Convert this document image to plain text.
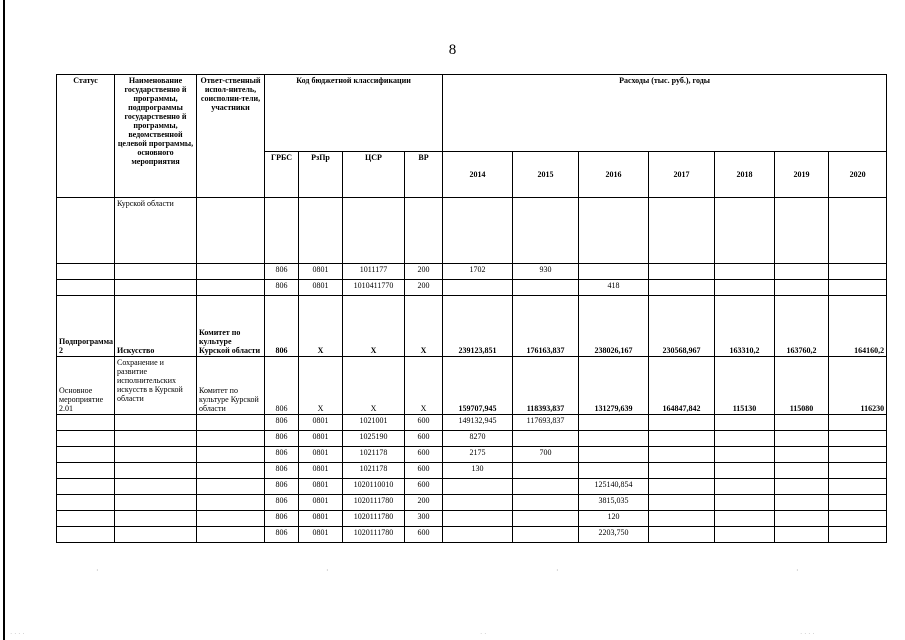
8
Статус	Наименование государственно й программы, подпрограммы государственно й программы, ведомственной целевой программы, основного мероприятия	Ответ-ственный испол-нитель, соисполни-тели, участники	Код бюджетной классификации				Расходы (тыс. руб.), годы						
			ГРБС	РзПр	ЦСР	ВР	2014	2015	2016	2017	2018	2019	2020
	Курской области												
			806	0801	1011177	200	1702	930					
			806	0801	1010411770	200			418				
Подпрограмма 2	Искусство	Комитет по культуре Курской области	806	Х	Х	Х	239123,851	176163,837	238026,167	230568,967	163310,2	163760,2	164160,2
Основное мероприятие 2.01	Сохранение и развитие исполнительских искусств в Курской области	Комитет по культуре Курской области	806	Х	Х	Х	159707,945	118393,837	131279,639	164847,842	115130	115080	116230
			806	0801	1021001	600	149132,945	117693,837					
			806	0801	1025190	600	8270						
			806	0801	1021178	600	2175	700					
			806	0801	1021178	600	130						
			806	0801	1020110010	600			125140,854				
			806	0801	1020111780	200			3815,035				
			806	0801	1020111780	300			120				
			806	0801	1020111780	600			2203,750				
·	·	·	·
· · · ·	· ·	· · · ·
